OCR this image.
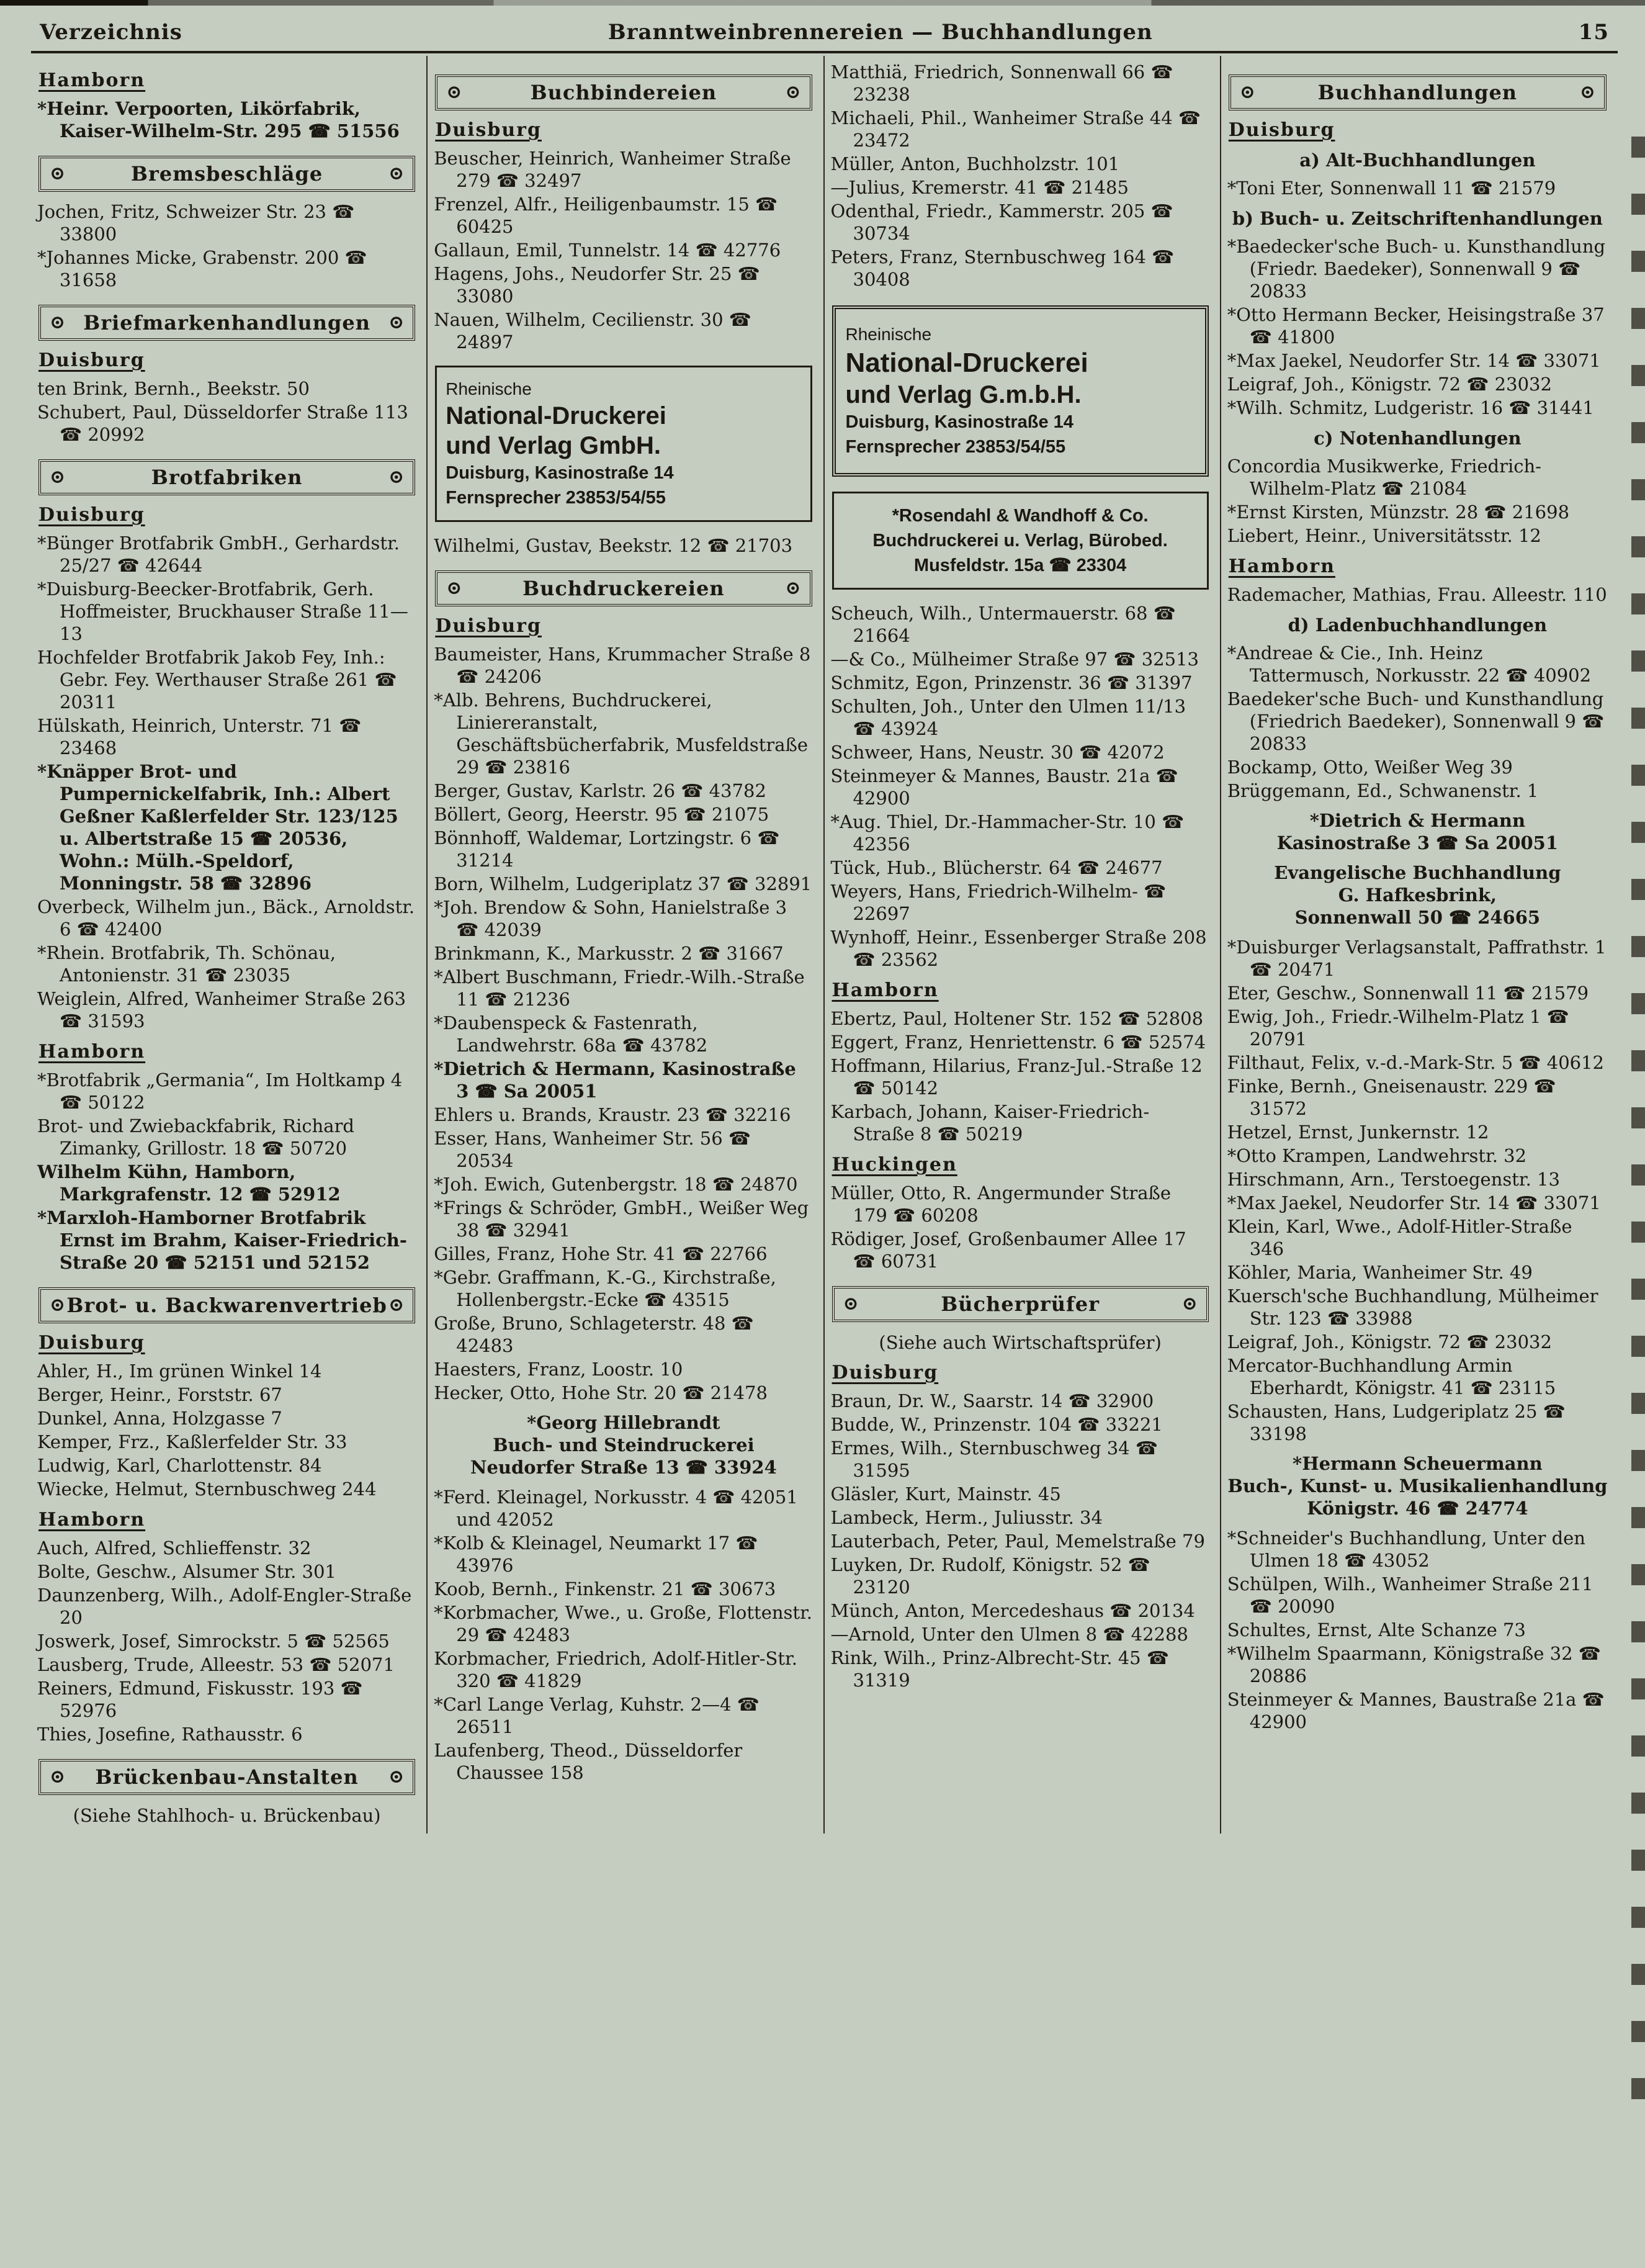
Verzeichnis	Branntweinbrennereien — Buchhandlungen	15
Hamborn
*Heinr. Verpoorten, Likörfabrik, Kaiser-Wilhelm-Str. 295 ☎ 51556
⊙	Bremsbeschläge	⊙
Jochen, Fritz, Schweizer Str. 23 ☎ 33800
*Johannes Micke, Grabenstr. 200 ☎ 31658
⊙ Briefmarkenhandlungen ⊙
Duisburg
ten Brink, Bernh., Beekstr. 50
Schubert, Paul, Düsseldorfer Straße 113 ☎ 20992
⊙	Brotfabriken	⊙
Duisburg
*Bünger Brotfabrik GmbH., Gerhardstr. 25/27 ☎ 42644
*Duisburg-Beecker-Brotfabrik, Gerh. Hoffmeister, Bruckhauser Straße 11—13
Hochfelder Brotfabrik Jakob Fey, Inh.: Gebr. Fey. Werthauser Straße 261 ☎ 20311
Hülskath, Heinrich, Unterstr. 71 ☎ 23468
*Knäpper Brot- und Pumpernickelfabrik, Inh.: Albert Geßner Kaßlerfelder Str. 123/125 u. Albertstraße 15 ☎ 20536, Wohn.: Mülh.-Speldorf, Monningstr. 58 ☎ 32896
Overbeck, Wilhelm jun., Bäck., Arnoldstr. 6 ☎ 42400
*Rhein. Brotfabrik, Th. Schönau, Antonienstr. 31 ☎ 23035
Weiglein, Alfred, Wanheimer Straße 263 ☎ 31593
Hamborn
*Brotfabrik „Germania“, Im Holtkamp 4 ☎ 50122
Brot- und Zwiebackfabrik, Richard Zimanky, Grillostr. 18 ☎ 50720
Wilhelm Kühn, Hamborn, Markgrafenstr. 12 ☎ 52912
*Marxloh-Hamborner Brotfabrik Ernst im Brahm, Kaiser-Friedrich-Straße 20 ☎ 52151 und 52152
⊙ Brot- u. Backwarenvertrieb ⊙
Duisburg
Ahler, H., Im grünen Winkel 14
Berger, Heinr., Forststr. 67
Dunkel, Anna, Holzgasse 7
Kemper, Frz., Kaßlerfelder Str. 33
Ludwig, Karl, Charlottenstr. 84
Wiecke, Helmut, Sternbuschweg 244
Hamborn
Auch, Alfred, Schlieffenstr. 32
Bolte, Geschw., Alsumer Str. 301
Daunzenberg, Wilh., Adolf-Engler-Straße 20
Joswerk, Josef, Simrockstr. 5 ☎ 52565
Lausberg, Trude, Alleestr. 53 ☎ 52071
Reiners, Edmund, Fiskusstr. 193 ☎ 52976
Thies, Josefine, Rathausstr. 6
⊙	Brückenbau-Anstalten	⊙
(Siehe Stahlhoch- u. Brückenbau)
⊙	Buchbindereien	⊙
Duisburg
Beuscher, Heinrich, Wanheimer Straße 279 ☎ 32497
Frenzel, Alfr., Heiligenbaumstr. 15 ☎ 60425
Gallaun, Emil, Tunnelstr. 14 ☎ 42776
Hagens, Johs., Neudorfer Str. 25 ☎ 33080
Nauen, Wilhelm, Cecilienstr. 30 ☎ 24897
Rheinische
National-Druckerei
und Verlag GmbH.
Duisburg, Kasinostraße 14
Fernsprecher 23853/54/55
Wilhelmi, Gustav, Beekstr. 12 ☎ 21703
⊙	Buchdruckereien	⊙
Duisburg
Baumeister, Hans, Krummacher Straße 8 ☎ 24206
*Alb. Behrens, Buchdruckerei, Liniereranstalt, Geschäftsbücherfabrik, Musfeldstraße 29 ☎ 23816
Berger, Gustav, Karlstr. 26 ☎ 43782
Böllert, Georg, Heerstr. 95 ☎ 21075
Bönnhoff, Waldemar, Lortzingstr. 6 ☎ 31214
Born, Wilhelm, Ludgeriplatz 37 ☎ 32891
*Joh. Brendow & Sohn, Hanielstraße 3 ☎ 42039
Brinkmann, K., Markusstr. 2 ☎ 31667
*Albert Buschmann, Friedr.-Wilh.-Straße 11 ☎ 21236
*Daubenspeck & Fastenrath, Landwehrstr. 68a ☎ 43782
*Dietrich & Hermann, Kasinostraße 3 ☎ Sa 20051
Ehlers u. Brands, Kraustr. 23 ☎ 32216
Esser, Hans, Wanheimer Str. 56 ☎ 20534
*Joh. Ewich, Gutenbergstr. 18 ☎ 24870
*Frings & Schröder, GmbH., Weißer Weg 38 ☎ 32941
Gilles, Franz, Hohe Str. 41 ☎ 22766
*Gebr. Graffmann, K.-G., Kirchstraße, Hollenbergstr.-Ecke ☎ 43515
Große, Bruno, Schlageterstr. 48 ☎ 42483
Haesters, Franz, Loostr. 10
Hecker, Otto, Hohe Str. 20 ☎ 21478
*Georg Hillebrandt
Buch- und Steindruckerei
Neudorfer Straße 13 ☎ 33924
*Ferd. Kleinagel, Norkusstr. 4 ☎ 42051 und 42052
*Kolb & Kleinagel, Neumarkt 17 ☎ 43976
Koob, Bernh., Finkenstr. 21 ☎ 30673
*Korbmacher, Wwe., u. Große, Flottenstr. 29 ☎ 42483
Korbmacher, Friedrich, Adolf-Hitler-Str. 320 ☎ 41829
*Carl Lange Verlag, Kuhstr. 2—4 ☎ 26511
Laufenberg, Theod., Düsseldorfer Chaussee 158
Matthiä, Friedrich, Sonnenwall 66 ☎ 23238
Michaeli, Phil., Wanheimer Straße 44 ☎ 23472
Müller, Anton, Buchholzstr. 101
—Julius, Kremerstr. 41 ☎ 21485
Odenthal, Friedr., Kammerstr. 205 ☎ 30734
Peters, Franz, Sternbuschweg 164 ☎ 30408
Rheinische
National-Druckerei
und Verlag G.m.b.H.
Duisburg, Kasinostraße 14
Fernsprecher 23853/54/55
*Rosendahl & Wandhoff & Co.
Buchdruckerei u. Verlag, Bürobed.
Musfeldstr. 15a ☎ 23304
Scheuch, Wilh., Untermauerstr. 68 ☎ 21664
—& Co., Mülheimer Straße 97 ☎ 32513
Schmitz, Egon, Prinzenstr. 36 ☎ 31397
Schulten, Joh., Unter den Ulmen 11/13 ☎ 43924
Schweer, Hans, Neustr. 30 ☎ 42072
Steinmeyer & Mannes, Baustr. 21a ☎ 42900
*Aug. Thiel, Dr.-Hammacher-Str. 10 ☎ 42356
Tück, Hub., Blücherstr. 64 ☎ 24677
Weyers, Hans, Friedrich-Wilhelm- ☎ 22697
Wynhoff, Heinr., Essenberger Straße 208 ☎ 23562
Hamborn
Ebertz, Paul, Holtener Str. 152 ☎ 52808
Eggert, Franz, Henriettenstr. 6 ☎ 52574
Hoffmann, Hilarius, Franz-Jul.-Straße 12 ☎ 50142
Karbach, Johann, Kaiser-Friedrich-Straße 8 ☎ 50219
Huckingen
Müller, Otto, R. Angermunder Straße 179 ☎ 60208
Rödiger, Josef, Großenbaumer Allee 17 ☎ 60731
⊙	Bücherprüfer	⊙
(Siehe auch Wirtschaftsprüfer)
Duisburg
Braun, Dr. W., Saarstr. 14 ☎ 32900
Budde, W., Prinzenstr. 104 ☎ 33221
Ermes, Wilh., Sternbuschweg 34 ☎ 31595
Gläsler, Kurt, Mainstr. 45
Lambeck, Herm., Juliusstr. 34
Lauterbach, Peter, Paul, Memelstraße 79
Luyken, Dr. Rudolf, Königstr. 52 ☎ 23120
Münch, Anton, Mercedeshaus ☎ 20134
—Arnold, Unter den Ulmen 8 ☎ 42288
Rink, Wilh., Prinz-Albrecht-Str. 45 ☎ 31319
⊙	Buchhandlungen	⊙
Duisburg
a) Alt-Buchhandlungen
*Toni Eter, Sonnenwall 11 ☎ 21579
b) Buch- u. Zeitschriftenhandlungen
*Baedecker'sche Buch- u. Kunsthandlung (Friedr. Baedeker), Sonnenwall 9 ☎ 20833
*Otto Hermann Becker, Heisingstraße 37 ☎ 41800
*Max Jaekel, Neudorfer Str. 14 ☎ 33071
Leigraf, Joh., Königstr. 72 ☎ 23032
*Wilh. Schmitz, Ludgeristr. 16 ☎ 31441
c) Notenhandlungen
Concordia Musikwerke, Friedrich-Wilhelm-Platz ☎ 21084
*Ernst Kirsten, Münzstr. 28 ☎ 21698
Liebert, Heinr., Universitätsstr. 12
Hamborn
Rademacher, Mathias, Frau. Alleestr. 110
d) Ladenbuchhandlungen
*Andreae & Cie., Inh. Heinz Tattermusch, Norkusstr. 22 ☎ 40902
Baedeker'sche Buch- und Kunsthandlung (Friedrich Baedeker), Sonnenwall 9 ☎ 20833
Bockamp, Otto, Weißer Weg 39
Brüggemann, Ed., Schwanenstr. 1
*Dietrich & Hermann
Kasinostraße 3 ☎ Sa 20051
Evangelische Buchhandlung
G. Hafkesbrink,
Sonnenwall 50 ☎ 24665
*Duisburger Verlagsanstalt, Paffrathstr. 1 ☎ 20471
Eter, Geschw., Sonnenwall 11 ☎ 21579
Ewig, Joh., Friedr.-Wilhelm-Platz 1 ☎ 20791
Filthaut, Felix, v.-d.-Mark-Str. 5 ☎ 40612
Finke, Bernh., Gneisenaustr. 229 ☎ 31572
Hetzel, Ernst, Junkernstr. 12
*Otto Krampen, Landwehrstr. 32
Hirschmann, Arn., Terstoegenstr. 13
*Max Jaekel, Neudorfer Str. 14 ☎ 33071
Klein, Karl, Wwe., Adolf-Hitler-Straße 346
Köhler, Maria, Wanheimer Str. 49
Kuersch'sche Buchhandlung, Mülheimer Str. 123 ☎ 33988
Leigraf, Joh., Königstr. 72 ☎ 23032
Mercator-Buchhandlung Armin Eberhardt, Königstr. 41 ☎ 23115
Schausten, Hans, Ludgeriplatz 25 ☎ 33198
*Hermann Scheuermann
Buch-, Kunst- u. Musikalienhandlung
Königstr. 46 ☎ 24774
*Schneider's Buchhandlung, Unter den Ulmen 18 ☎ 43052
Schülpen, Wilh., Wanheimer Straße 211 ☎ 20090
Schultes, Ernst, Alte Schanze 73
*Wilhelm Spaarmann, Königstraße 32 ☎ 20886
Steinmeyer & Mannes, Baustraße 21a ☎ 42900
